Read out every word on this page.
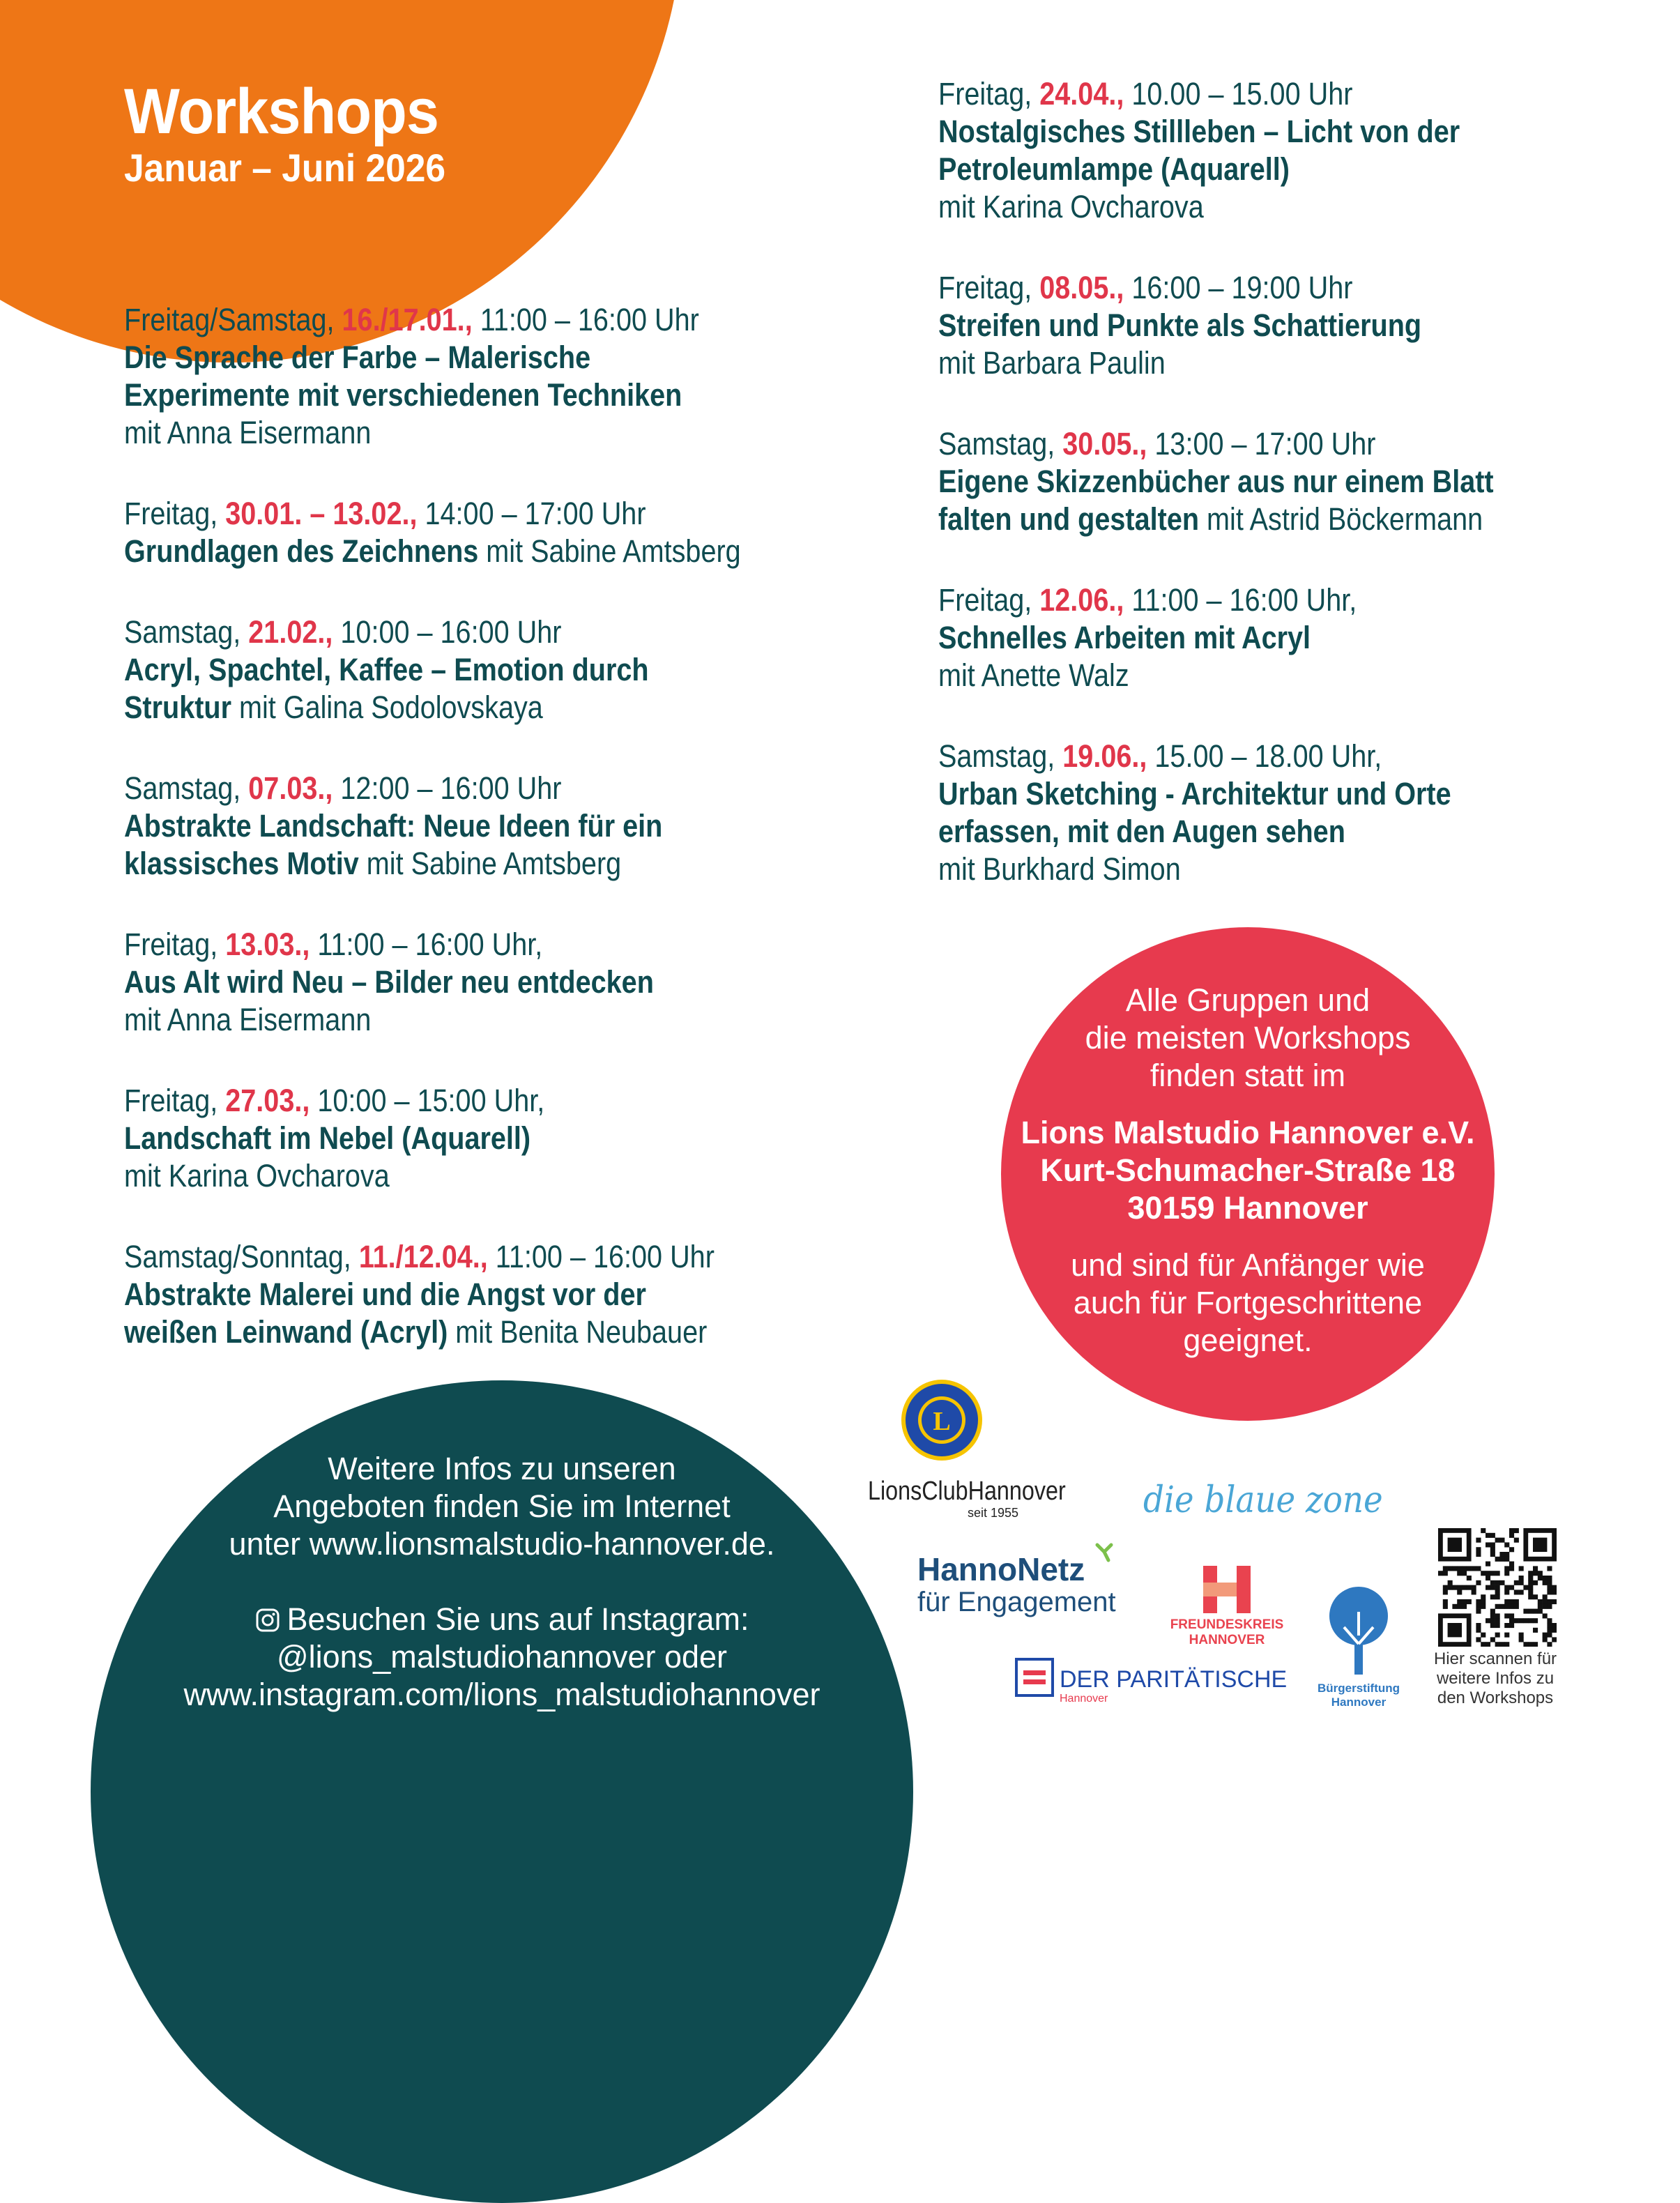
Workshops
Januar – Juni 2026
Freitag/Samstag, 16./17.01., 11:00 – 16:00 Uhr
Die Sprache der Farbe – Malerische
Experimente mit verschiedenen Techniken
mit Anna Eisermann
Freitag, 30.01. – 13.02., 14:00 – 17:00 Uhr
Grundlagen des Zeichnens mit Sabine Amtsberg
Samstag, 21.02., 10:00 – 16:00 Uhr
Acryl, Spachtel, Kaffee – Emotion durch
Struktur mit Galina Sodolovskaya
Samstag, 07.03., 12:00 – 16:00 Uhr
Abstrakte Landschaft: Neue Ideen für ein
klassisches Motiv mit Sabine Amtsberg
Freitag, 13.03., 11:00 – 16:00 Uhr,
Aus Alt wird Neu – Bilder neu entdecken
mit Anna Eisermann
Freitag, 27.03., 10:00 – 15:00 Uhr,
Landschaft im Nebel (Aquarell)
mit Karina Ovcharova
Samstag/Sonntag, 11./12.04., 11:00 – 16:00 Uhr
Abstrakte Malerei und die Angst vor der
weißen Leinwand (Acryl) mit Benita Neubauer
Freitag, 24.04., 10.00 – 15.00 Uhr
Nostalgisches Stillleben – Licht von der
Petroleumlampe (Aquarell)
mit Karina Ovcharova
Freitag, 08.05., 16:00 – 19:00 Uhr
Streifen und Punkte als Schattierung
mit Barbara Paulin
Samstag, 30.05., 13:00 – 17:00 Uhr
Eigene Skizzenbücher aus nur einem Blatt
falten und gestalten mit Astrid Böckermann
Freitag, 12.06., 11:00 – 16:00 Uhr,
Schnelles Arbeiten mit Acryl
mit Anette Walz
Samstag, 19.06., 15.00 – 18.00 Uhr,
Urban Sketching - Architektur und Orte
erfassen, mit den Augen sehen
mit Burkhard Simon
Alle Gruppen und
die meisten Workshops
finden statt im
Lions Malstudio Hannover e.V.
Kurt-Schumacher-Straße 18
30159 Hannover
und sind für Anfänger wie
auch für Fortgeschrittene
geeignet.
Weitere Infos zu unseren
Angeboten finden Sie im Internet
unter www.lionsmalstudio-hannover.de.
Besuchen Sie uns auf Instagram:
@lions_malstudiohannover oder
www.instagram.com/lions_malstudiohannover
L
LionsClubHannover
seit 1955	die blaue zone
HannoNetz
für Engagement
FREUNDESKREIS
HANNOVER
Bürgerstiftung
Hannover
DER PARITÄTISCHE
Hannover
Hier scannen für
weitere Infos zu
den Workshops
